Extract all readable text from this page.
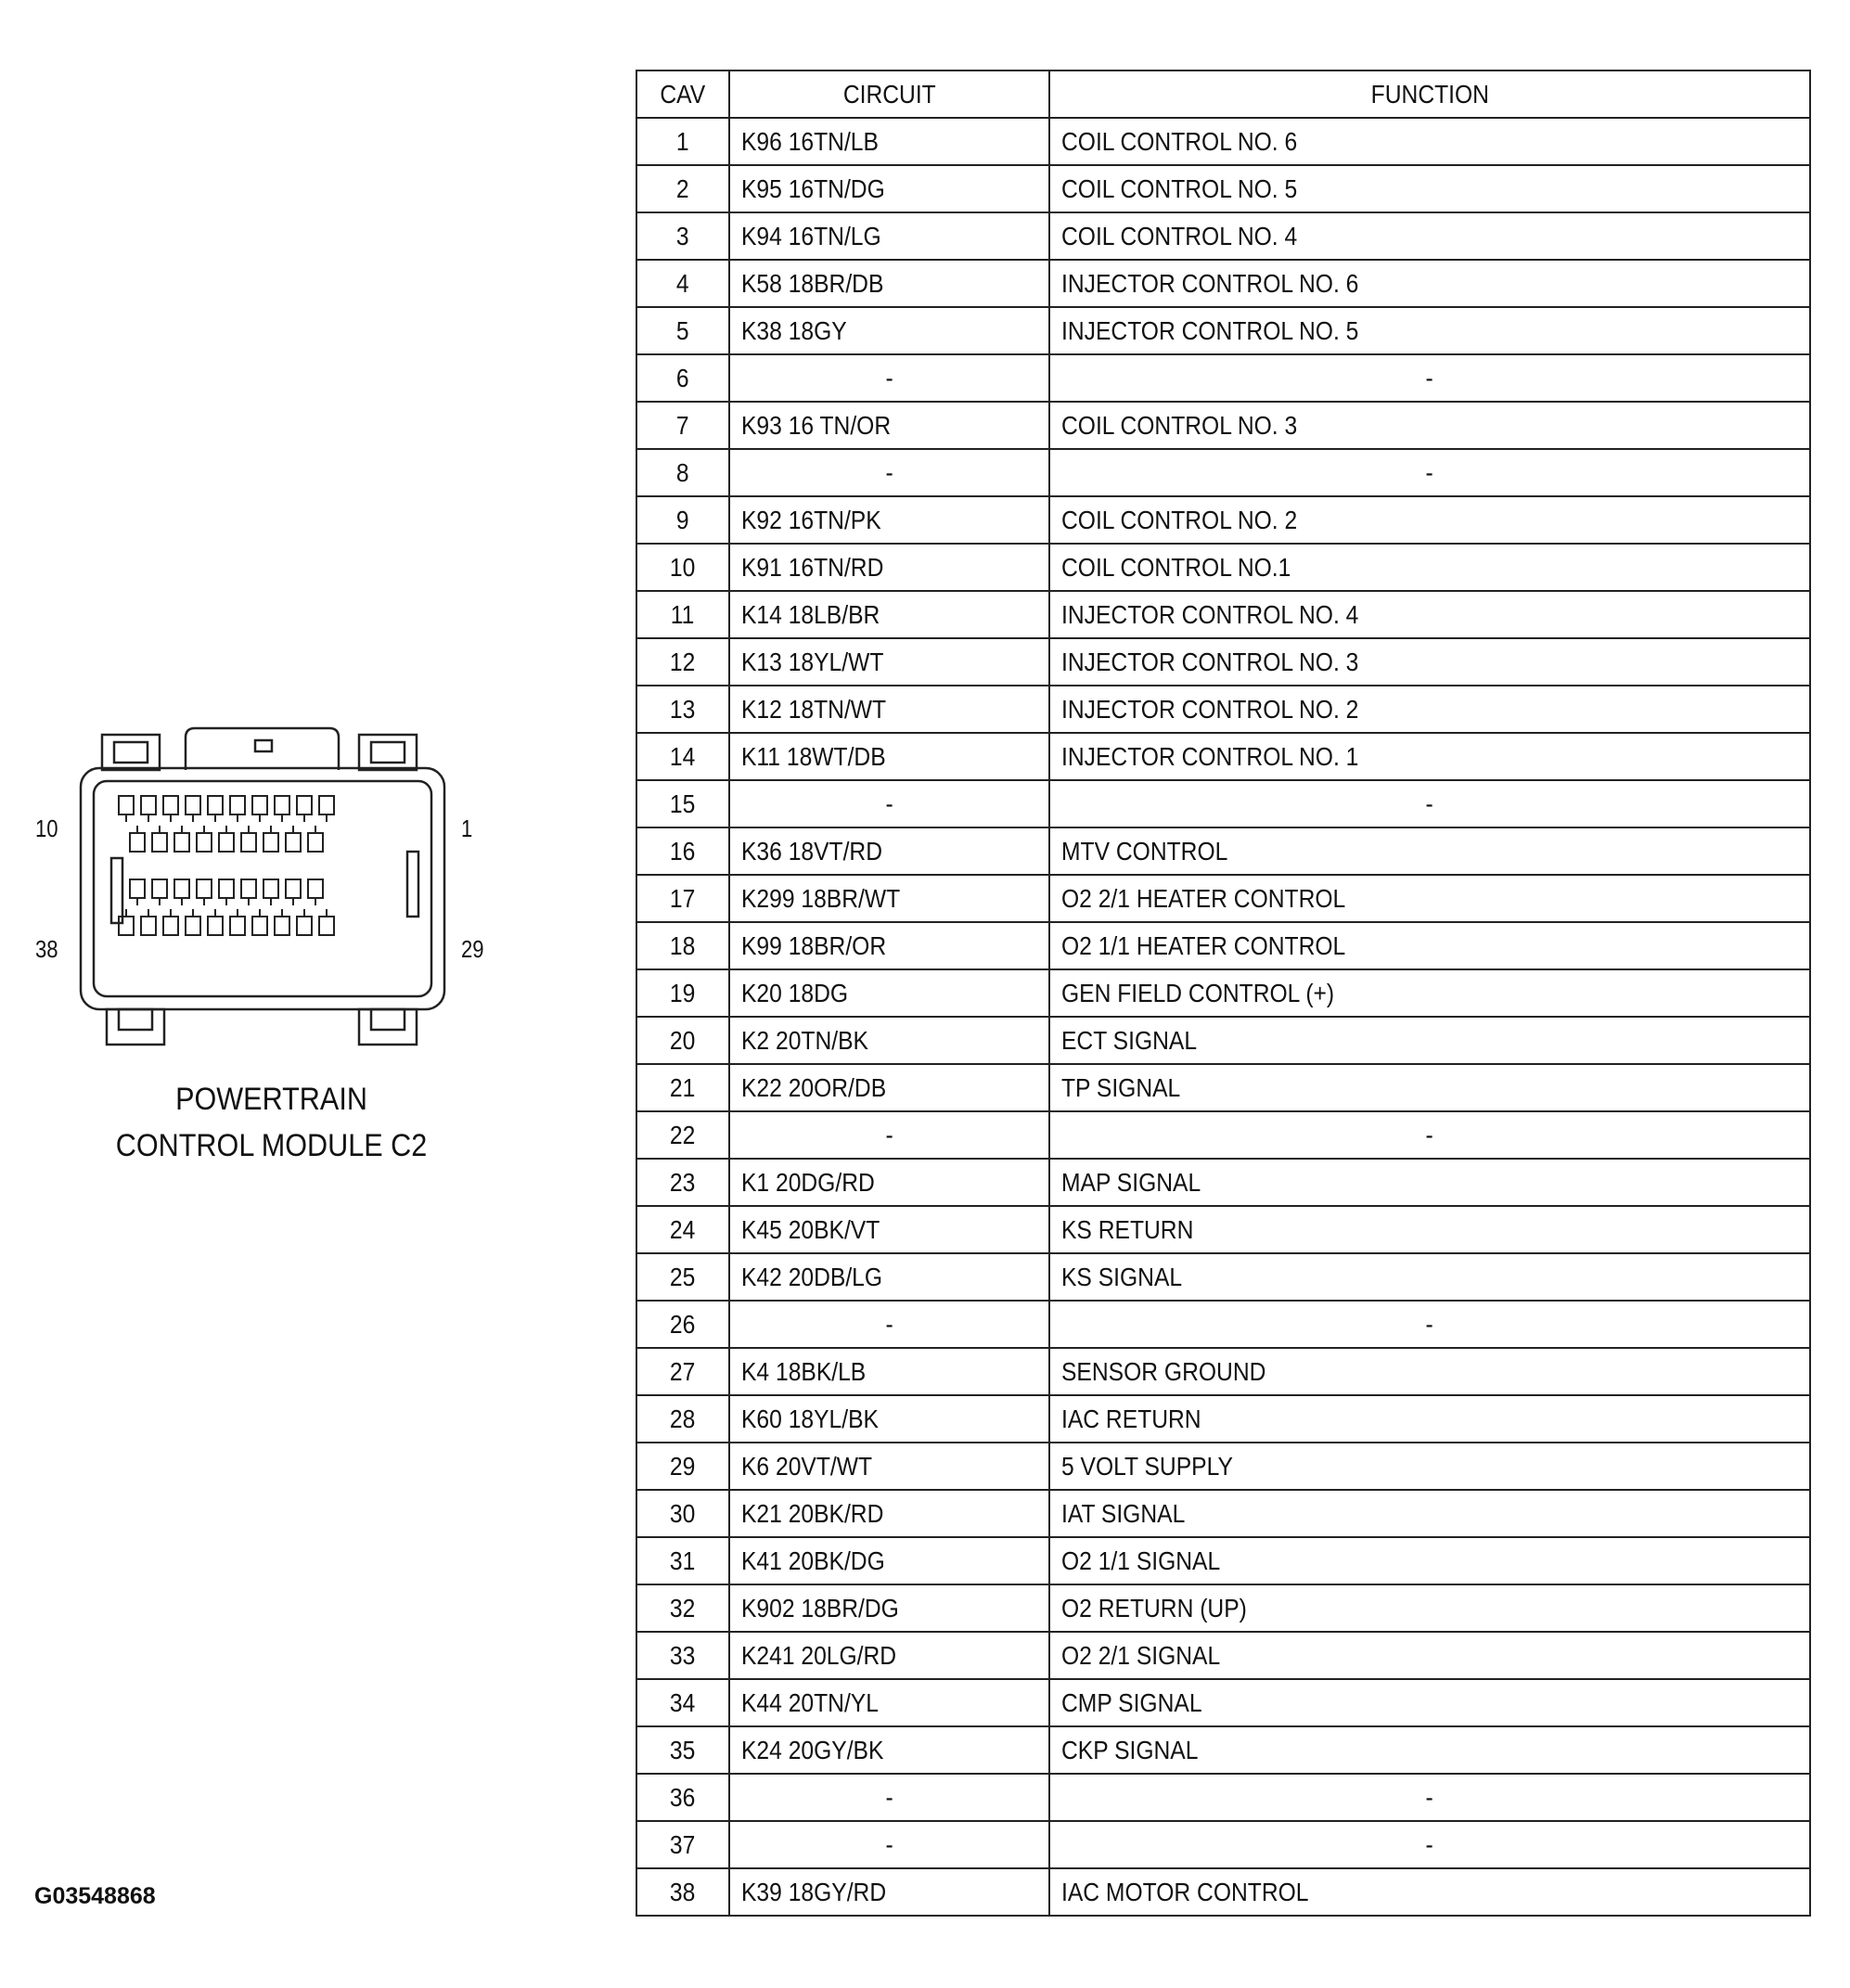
10	1
38	29
POWERTRAIN
CONTROL MODULE C2
G03548868
CAV	CIRCUIT	FUNCTION
1	K96 16TN/LB	COIL CONTROL NO. 6
2	K95 16TN/DG	COIL CONTROL NO. 5
3	K94 16TN/LG	COIL CONTROL NO. 4
4	K58 18BR/DB	INJECTOR CONTROL NO. 6
5	K38 18GY	INJECTOR CONTROL NO. 5
6	-	-
7	K93 16 TN/OR	COIL CONTROL NO. 3
8	-	-
9	K92 16TN/PK	COIL CONTROL NO. 2
10	K91 16TN/RD	COIL CONTROL NO.1
11	K14 18LB/BR	INJECTOR CONTROL NO. 4
12	K13 18YL/WT	INJECTOR CONTROL NO. 3
13	K12 18TN/WT	INJECTOR CONTROL NO. 2
14	K11 18WT/DB	INJECTOR CONTROL NO. 1
15	-	-
16	K36 18VT/RD	MTV CONTROL
17	K299 18BR/WT	O2 2/1 HEATER CONTROL
18	K99 18BR/OR	O2 1/1 HEATER CONTROL
19	K20 18DG	GEN FIELD CONTROL (+)
20	K2 20TN/BK	ECT SIGNAL
21	K22 20OR/DB	TP SIGNAL
22	-	-
23	K1 20DG/RD	MAP SIGNAL
24	K45 20BK/VT	KS RETURN
25	K42 20DB/LG	KS SIGNAL
26	-	-
27	K4 18BK/LB	SENSOR GROUND
28	K60 18YL/BK	IAC RETURN
29	K6 20VT/WT	5 VOLT SUPPLY
30	K21 20BK/RD	IAT SIGNAL
31	K41 20BK/DG	O2 1/1 SIGNAL
32	K902 18BR/DG	O2 RETURN (UP)
33	K241 20LG/RD	O2 2/1 SIGNAL
34	K44 20TN/YL	CMP SIGNAL
35	K24 20GY/BK	CKP SIGNAL
36	-	-
37	-	-
38	K39 18GY/RD	IAC MOTOR CONTROL
